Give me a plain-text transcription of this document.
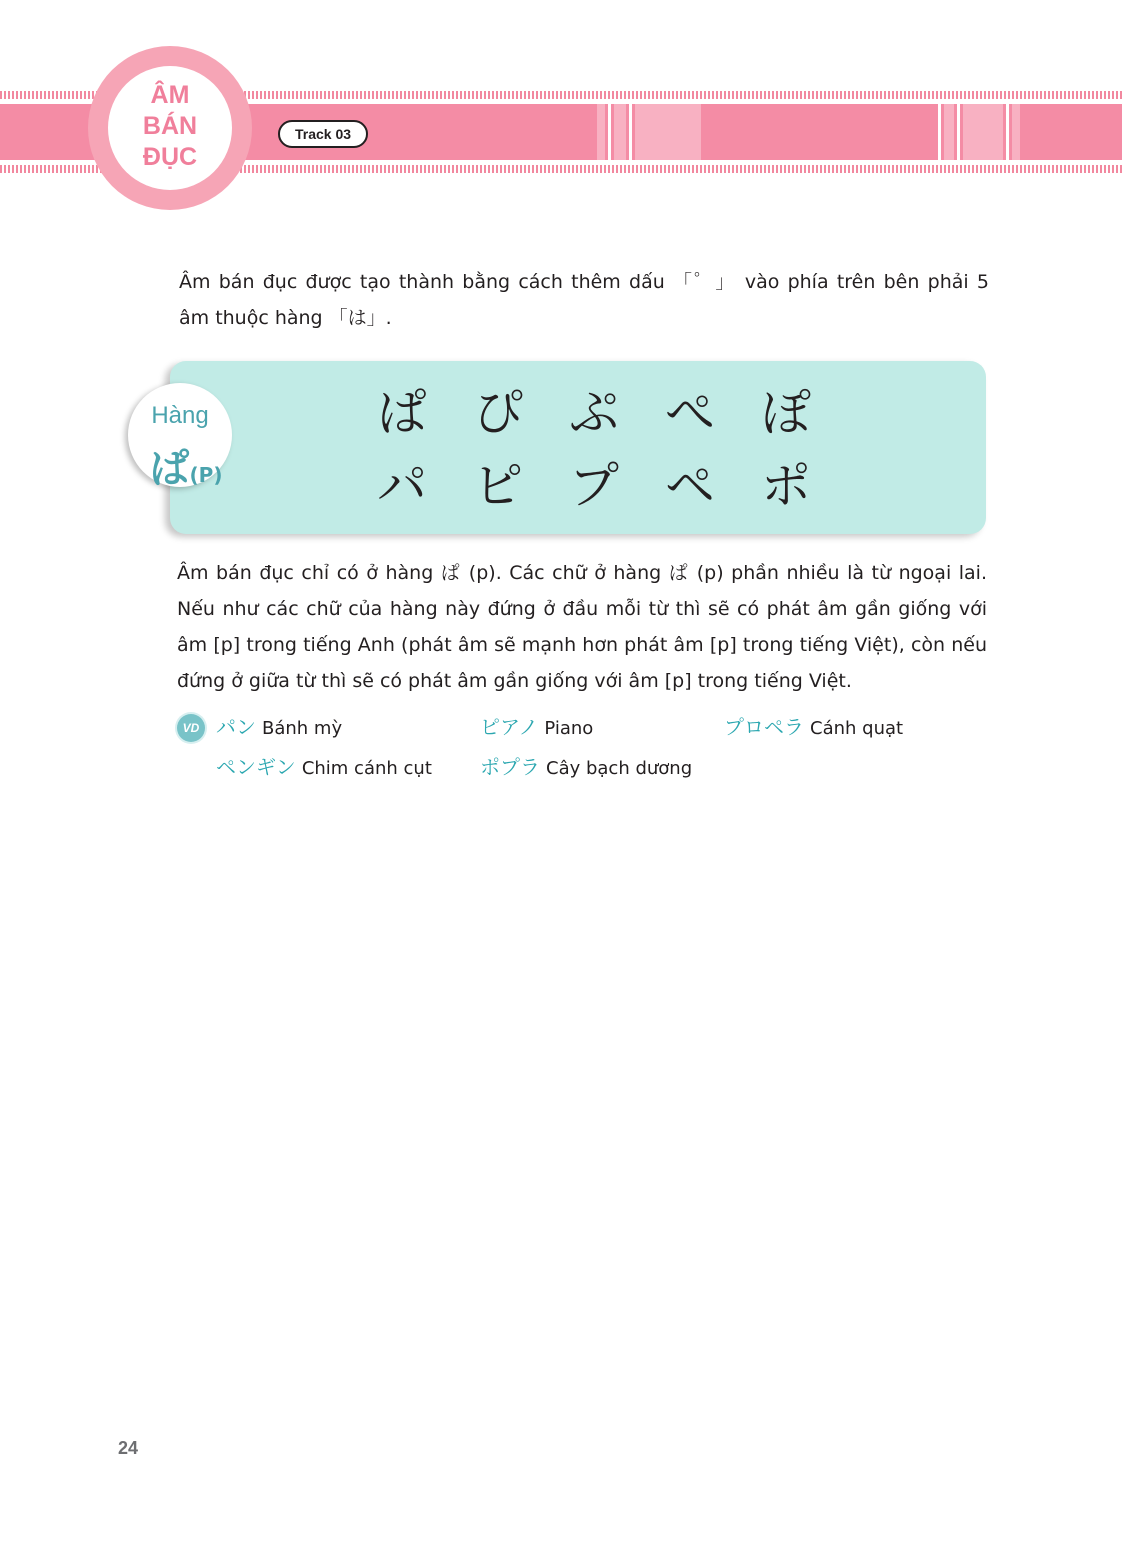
ÂM
BÁN
ĐỤC
Track 03
Âm bán đục được tạo thành bằng cách thêm dấu 「゜」 vào phía trên bên phải 5
âm thuộc hàng 「は」.
Hàng
ぱ(P)
ぱ ぴ ぷ ぺ ぽ
パ ピ プ ペ ポ
Âm bán đục chỉ có ở hàng ぱ (p). Các chữ ở hàng ぱ (p) phần nhiều là từ ngoại lai.
Nếu như các chữ của hàng này đứng ở đầu mỗi từ thì sẽ có phát âm gần giống với
âm [p] trong tiếng Anh (phát âm sẽ mạnh hơn phát âm [p] trong tiếng Việt), còn nếu
đứng ở giữa từ thì sẽ có phát âm gần giống với âm [p] trong tiếng Việt.
VD パン Bánh mỳ	ピアノ Piano	プロペラ Cánh quạt
ペンギン Chim cánh cụt ポプラ Cây bạch dương
24
